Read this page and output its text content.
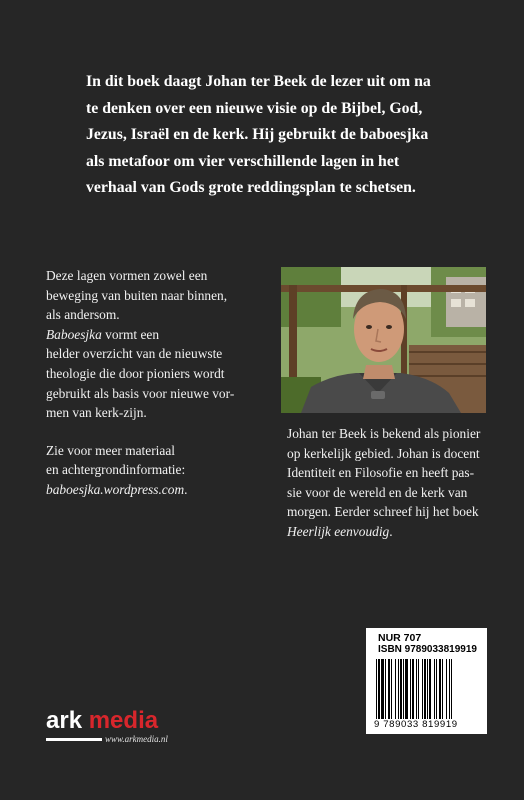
In dit boek daagt Johan ter Beek de lezer uit om na
te denken over een nieuwe visie op de Bijbel, God,
Jezus, Israël en de kerk. Hij gebruikt de baboesjka
als metafoor om vier verschillende lagen in het
verhaal van Gods grote reddingsplan te schetsen.

Deze lagen vormen zowel een
beweging van buiten naar binnen,
als andersom.
Baboesjka vormt een
helder overzicht van de nieuwste
theologie die door pioniers wordt
gebruikt als basis voor nieuwe vor-
men van kerk-zijn.

Zie voor meer materiaal
en achtergrondinformatie:
baboesjka.wordpress.com.

Johan ter Beek is bekend als pionier
op kerkelijk gebied. Johan is docent
Identiteit en Filosofie en heeft pas-
sie voor de wereld en de kerk van
morgen. Eerder schreef hij het boek
Heerlijk eenvoudig.

NUR 707
ISBN 9789033819919
9 789033 819919
ark media
www.arkmedia.nl
